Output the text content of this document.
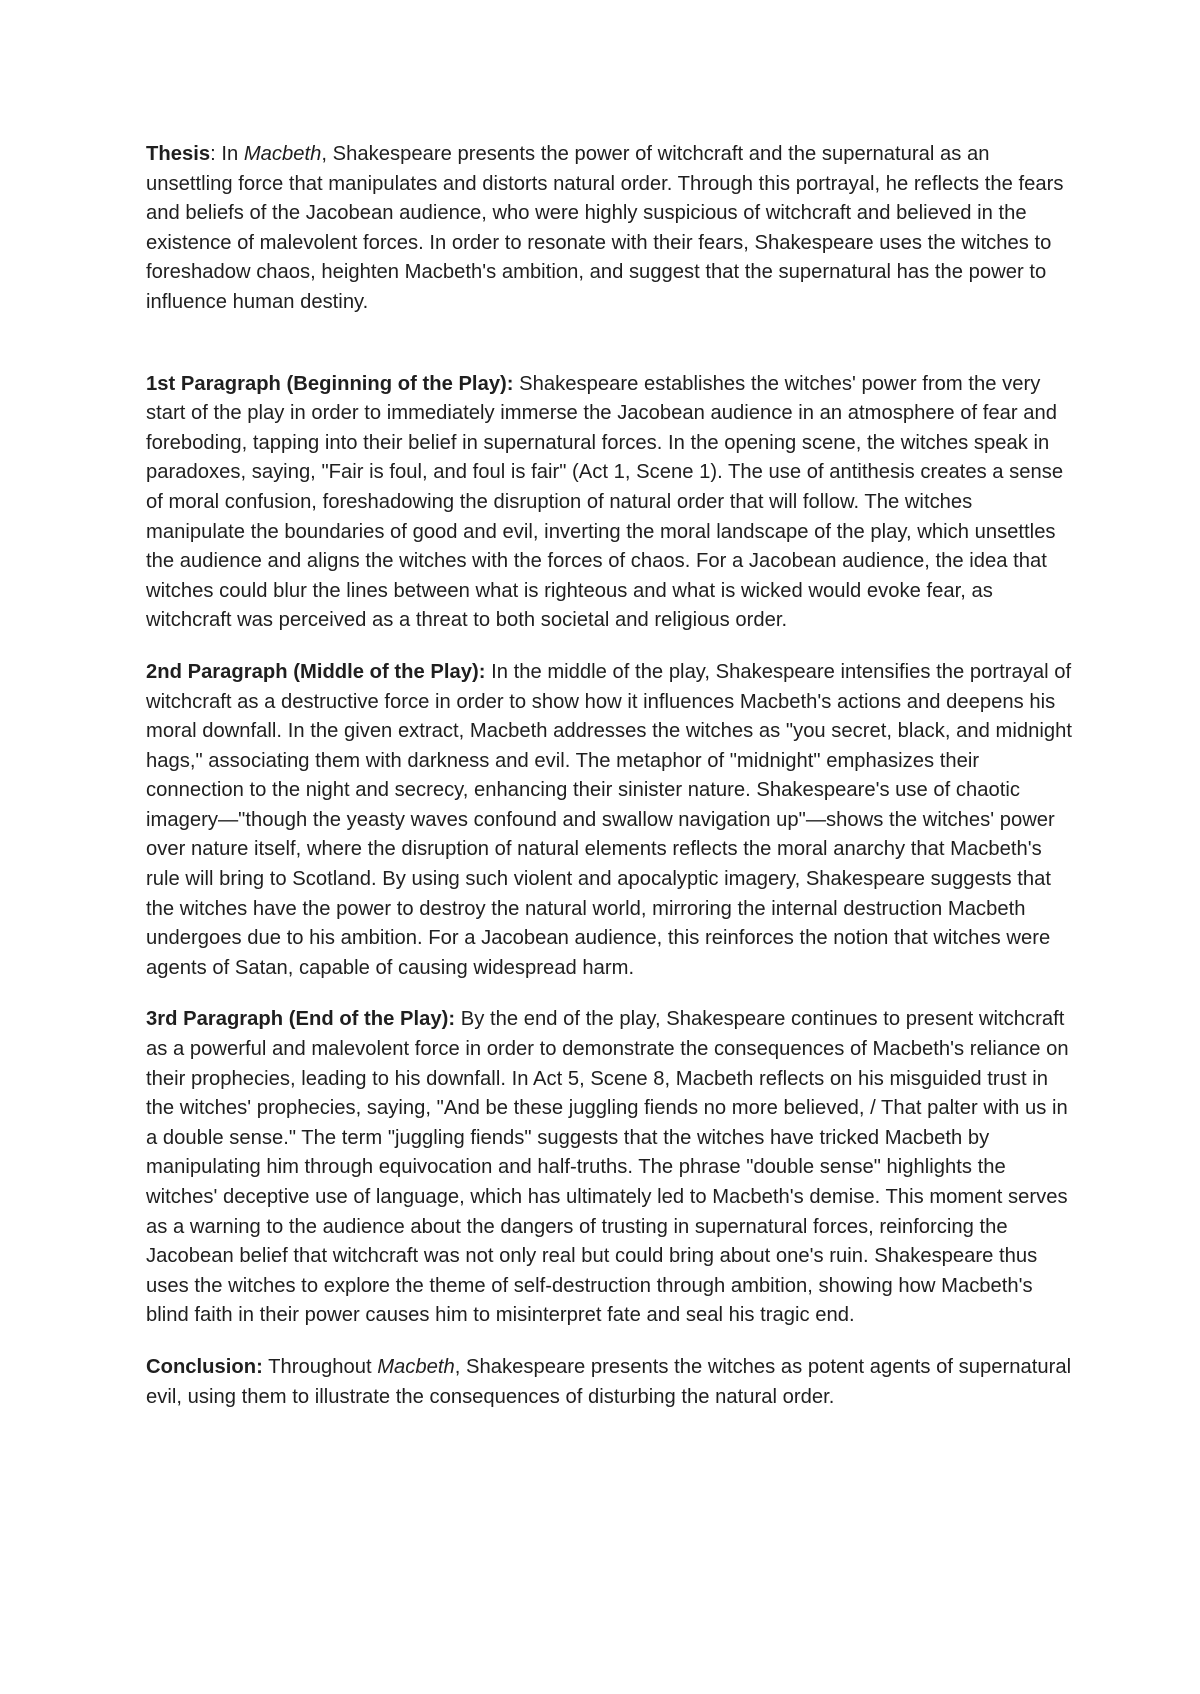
Thesis: In Macbeth, Shakespeare presents the power of witchcraft and the supernatural as an unsettling force that manipulates and distorts natural order. Through this portrayal, he reflects the fears and beliefs of the Jacobean audience, who were highly suspicious of witchcraft and believed in the existence of malevolent forces. In order to resonate with their fears, Shakespeare uses the witches to foreshadow chaos, heighten Macbeth's ambition, and suggest that the supernatural has the power to influence human destiny.

1st Paragraph (Beginning of the Play): Shakespeare establishes the witches' power from the very start of the play in order to immediately immerse the Jacobean audience in an atmosphere of fear and foreboding, tapping into their belief in supernatural forces. In the opening scene, the witches speak in paradoxes, saying, "Fair is foul, and foul is fair" (Act 1, Scene 1). The use of antithesis creates a sense of moral confusion, foreshadowing the disruption of natural order that will follow. The witches manipulate the boundaries of good and evil, inverting the moral landscape of the play, which unsettles the audience and aligns the witches with the forces of chaos. For a Jacobean audience, the idea that witches could blur the lines between what is righteous and what is wicked would evoke fear, as witchcraft was perceived as a threat to both societal and religious order.

2nd Paragraph (Middle of the Play): In the middle of the play, Shakespeare intensifies the portrayal of witchcraft as a destructive force in order to show how it influences Macbeth's actions and deepens his moral downfall. In the given extract, Macbeth addresses the witches as "you secret, black, and midnight hags," associating them with darkness and evil. The metaphor of "midnight" emphasizes their connection to the night and secrecy, enhancing their sinister nature. Shakespeare's use of chaotic imagery—"though the yeasty waves confound and swallow navigation up"—shows the witches' power over nature itself, where the disruption of natural elements reflects the moral anarchy that Macbeth's rule will bring to Scotland. By using such violent and apocalyptic imagery, Shakespeare suggests that the witches have the power to destroy the natural world, mirroring the internal destruction Macbeth undergoes due to his ambition. For a Jacobean audience, this reinforces the notion that witches were agents of Satan, capable of causing widespread harm.

3rd Paragraph (End of the Play): By the end of the play, Shakespeare continues to present witchcraft as a powerful and malevolent force in order to demonstrate the consequences of Macbeth's reliance on their prophecies, leading to his downfall. In Act 5, Scene 8, Macbeth reflects on his misguided trust in the witches' prophecies, saying, "And be these juggling fiends no more believed, / That palter with us in a double sense." The term "juggling fiends" suggests that the witches have tricked Macbeth by manipulating him through equivocation and half-truths. The phrase "double sense" highlights the witches' deceptive use of language, which has ultimately led to Macbeth's demise. This moment serves as a warning to the audience about the dangers of trusting in supernatural forces, reinforcing the Jacobean belief that witchcraft was not only real but could bring about one's ruin. Shakespeare thus uses the witches to explore the theme of self-destruction through ambition, showing how Macbeth's blind faith in their power causes him to misinterpret fate and seal his tragic end.

Conclusion: Throughout Macbeth, Shakespeare presents the witches as potent agents of supernatural evil, using them to illustrate the consequences of disturbing the natural order.
